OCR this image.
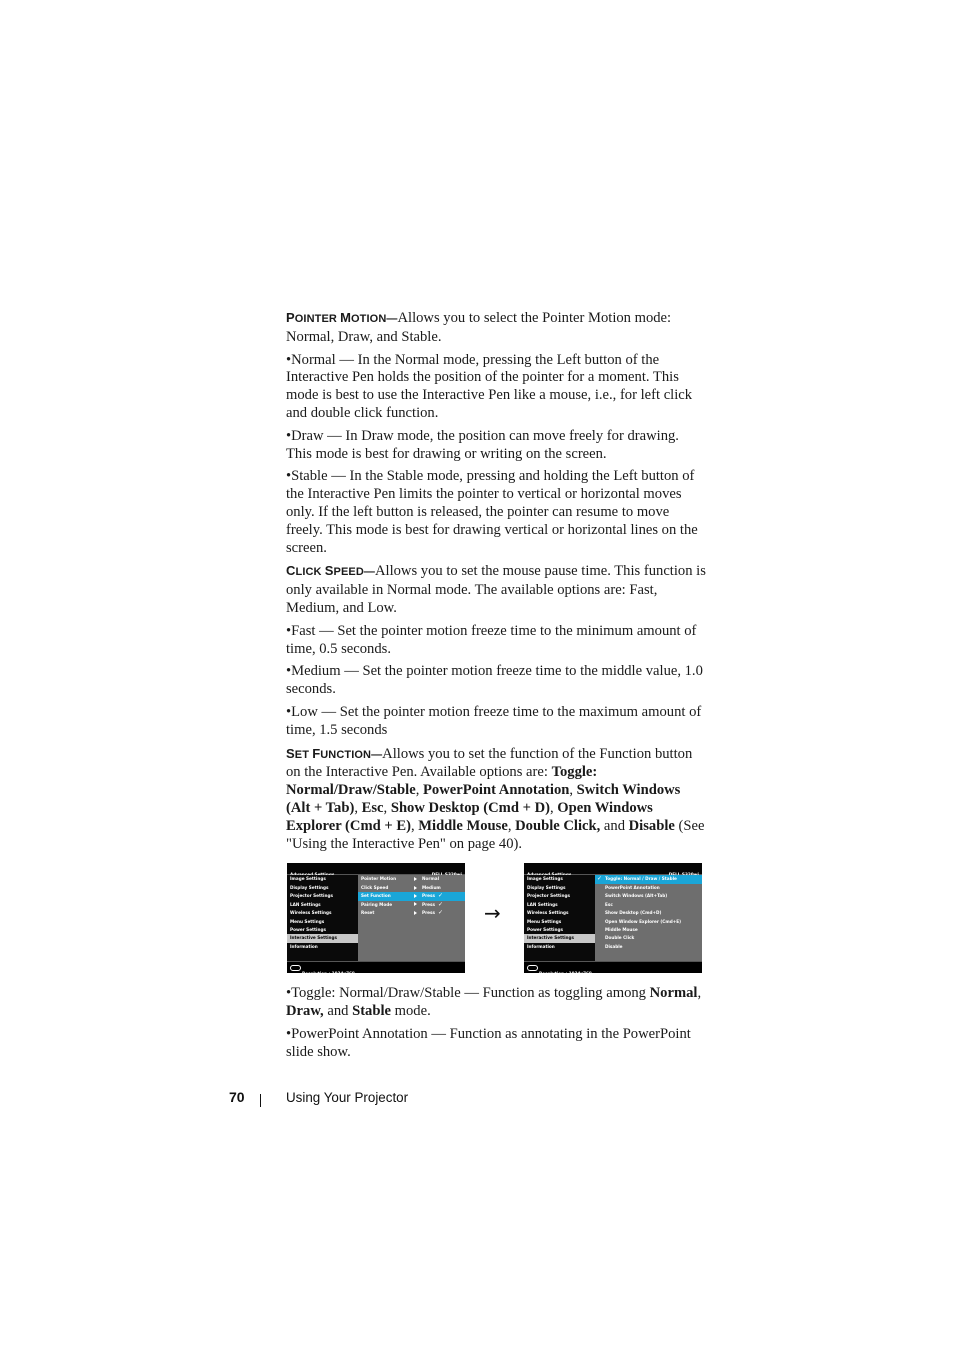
POINTER MOTION—Allows you to select the Pointer Motion mode: Normal, Draw, and Stable.

•Normal — In the Normal mode, pressing the Left button of the Interactive Pen holds the position of the pointer for a moment. This mode is best to use the Interactive Pen like a mouse, i.e., for left click and double click function.

•Draw — In Draw mode, the position can move freely for drawing. This mode is best for drawing or writing on the screen.

•Stable — In the Stable mode, pressing and holding the Left button of the Interactive Pen limits the pointer to vertical or horizontal moves only. If the left button is released, the pointer can resume to move freely. This mode is best for drawing vertical or horizontal lines on the screen.

CLICK SPEED—Allows you to set the mouse pause time. This function is only available in Normal mode. The available options are: Fast, Medium, and Low.

•Fast — Set the pointer motion freeze time to the minimum amount of time, 0.5 seconds.

•Medium — Set the pointer motion freeze time to the middle value, 1.0 seconds.

•Low — Set the pointer motion freeze time to the maximum amount of time, 1.5 seconds

SET FUNCTION—Allows you to set the function of the Function button on the Interactive Pen. Available options are: Toggle: Normal/Draw/Stable, PowerPoint Annotation, Switch Windows (Alt + Tab), Esc, Show Desktop (Cmd + D), Open Windows Explorer (Cmd + E), Middle Mouse, Double Click, and Disable (See "Using the Interactive Pen" on page 40).

Image Settings
Display Settings
Projector Settings
LAN Settings
Wireless Settings
Menu Settings
Power Settings
Interactive Settings
Information
Pointer Motion	Normal
Click Speed	Medium
Set Function	Press ✓
Pairing Mode	Press ✓
Reset	Press ✓
Resolution : 1024x768
→
Image Settings
Display Settings
Projector Settings
LAN Settings
Wireless Settings
Menu Settings
Power Settings
Interactive Settings
Information
✓ Toggle: Normal / Draw / Stable
PowerPoint Annotation
Switch Windows (Alt+Tab)
Esc
Show Desktop (Cmd+D)
Open Window Explorer (Cmd+E)
Middle Mouse
Double Click
Disable
Resolution : 1024x768

•Toggle: Normal/Draw/Stable — Function as toggling among Normal, Draw, and Stable mode.

•PowerPoint Annotation — Function as annotating in the PowerPoint slide show.

70	Using Your Projector
